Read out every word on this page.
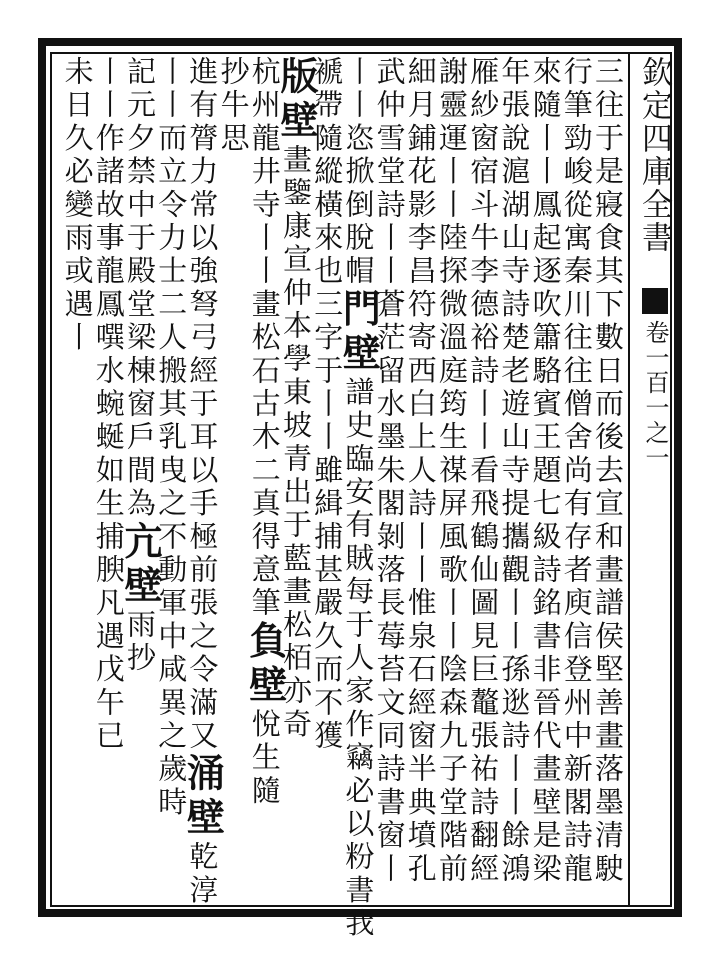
欽定四庫全書
卷一百一之一
三往于是寢食其下數日而後去宣和畫譜侯堅善畫落墨清駛
行筆勁峻從寓秦川往往僧舍尚有存者庾信登州中新閣詩龍
來隨丨丨鳳起逐吹簫駱賓王題七級詩銘書非晉代畫壁是梁
年張說滬湖山寺詩楚老遊山寺提攜觀丨丨孫逖詩丨丨餘鴻
雁紗窗宿斗牛李德裕詩丨丨看飛鶴仙圖見巨鼇張祐詩翻經
謝靈運丨丨陸探微溫庭筠生禖屏風歌丨丨陰森九子堂階前
細月鋪花影李昌符寄西白上人詩丨丨惟泉石經窗半典墳孔
武仲雪堂詩丨丨蒼茫留水墨朱閣剝落長莓苔文同詩書窗丨
丨丨恣掀倒脫帽門壁譜史臨安有賊每于人家作竊必以粉書我
褫帶隨縱橫來也三字于丨丨雖緝捕甚嚴久而不獲
版壁畫鑒康宣仲本學東坡青出于藍畫松栢亦奇
杭州龍井寺丨丨畫松石古木二真得意筆負壁悅生隨
抄牛思
進有膂力常以強弩弓經于耳以手極前張之令滿又涌壁乾淳
丨丨而立令力士二人搬其乳曳之不動軍中咸異之歲時
記元夕禁中于殿堂梁棟窗戶間為亢壁雨抄
丨丨作諸故事龍鳳噀水蜿蜒如生捕腴凡遇戊午已
未日久必變雨或遇丨
